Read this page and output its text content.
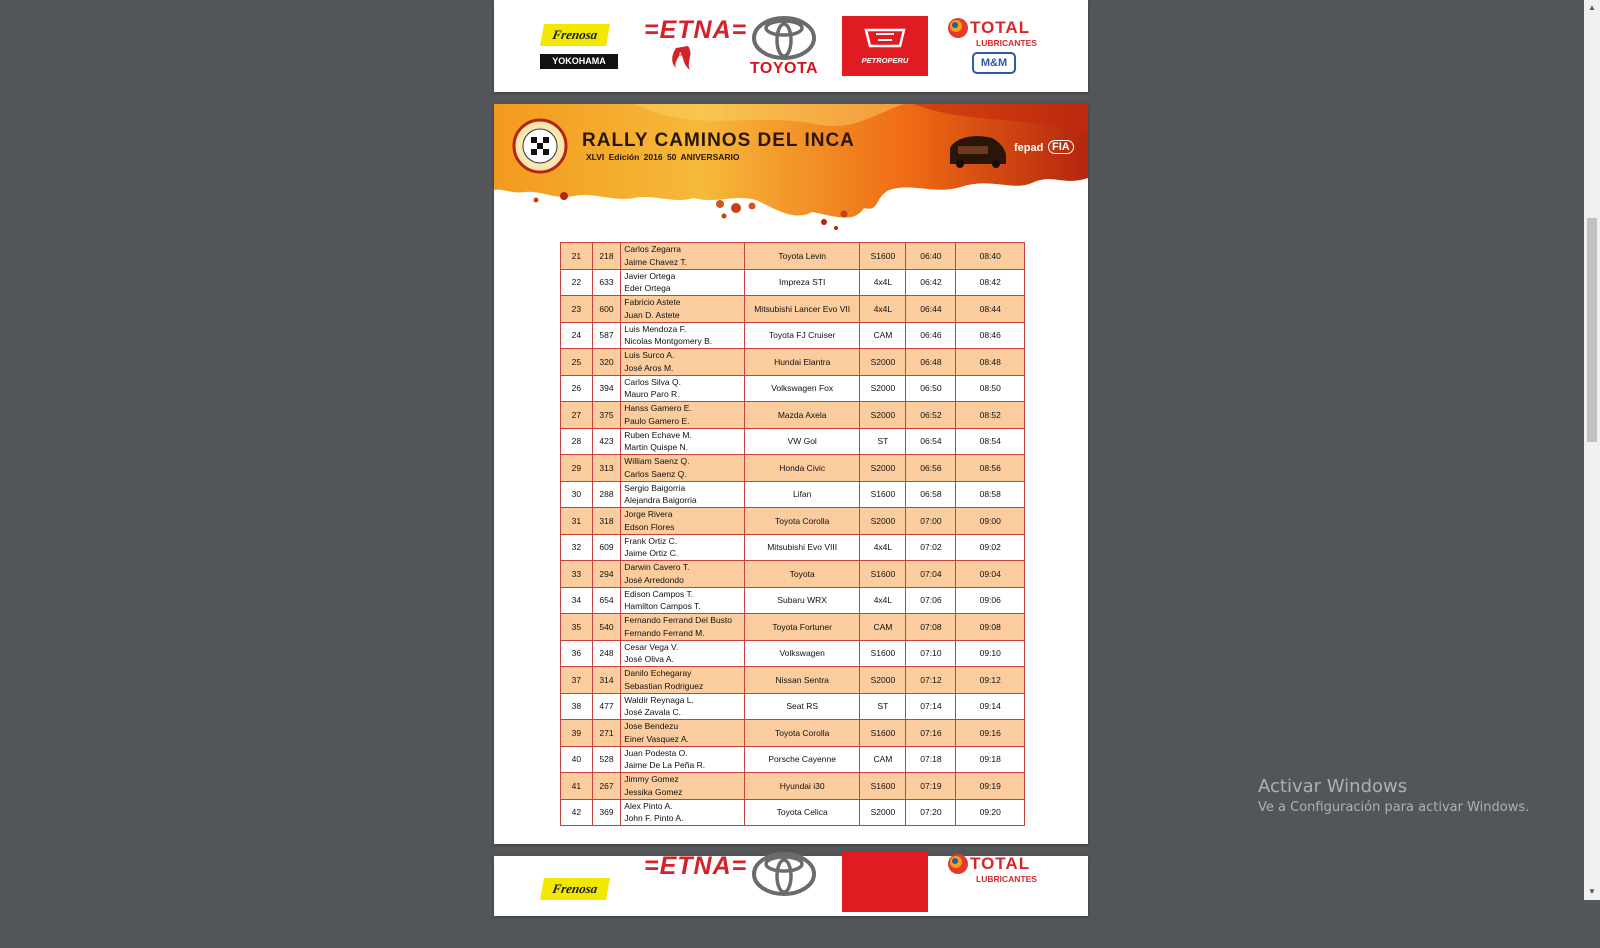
Frenosa
YOKOHAMA
=ETNA=
IPD
TOYOTA	PETROPERU
TOTAL
LUBRICANTES
M&M
RALLY CAMINOS DEL INCA
XLVI Edición 2016 50 ANIVERSARIO
fepad FIA
21	218	Carlos Zegarra
Jaime Chavez T.	Toyota Levin	S1600	06:40	08:40
22	633	Javier Ortega
Eder Ortega	Impreza STI	4x4L	06:42	08:42
23	600	Fabricio Astete
Juan D. Astete	Mitsubishi Lancer Evo VII	4x4L	06:44	08:44
24	587	Luis Mendoza F.
Nicolas Montgomery B.	Toyota FJ Cruiser	CAM	06:46	08:46
25	320	Luis Surco A.
José Aros M.	Hundai Elantra	S2000	06:48	08:48
26	394	Carlos Silva Q.
Mauro Paro R.	Volkswagen Fox	S2000	06:50	08:50
27	375	Hanss Gamero E.
Paulo Gamero E.	Mazda Axela	S2000	06:52	08:52
28	423	Ruben Echave M.
Martin Quispe N.	VW Gol	ST	06:54	08:54
29	313	William Saenz Q.
Carlos Saenz Q.	Honda Civic	S2000	06:56	08:56
30	288	Sergio Baigorria
Alejandra Baigorria	Lifan	S1600	06:58	08:58
31	318	Jorge Rivera
Edson Flores	Toyota Corolla	S2000	07:00	09:00
32	609	Frank Ortiz C.
Jaime Ortiz C.	Mitsubishi Evo VIII	4x4L	07:02	09:02
33	294	Darwin Cavero T.
José Arredondo	Toyota	S1600	07:04	09:04
34	654	Edison Campos T.
Hamilton Campos T.	Subaru WRX	4x4L	07:06	09:06
35	540	Fernando Ferrand Del Busto
Fernando Ferrand M.	Toyota Fortuner	CAM	07:08	09:08
36	248	Cesar Vega V.
José Oliva A.	Volkswagen	S1600	07:10	09:10
37	314	Danilo Echegaray
Sebastian Rodriguez	Nissan Sentra	S2000	07:12	09:12
38	477	Waldir Reynaga L.
José Zavala C.	Seat RS	ST	07:14	09:14
39	271	Jose Bendezu
Einer Vasquez A.	Toyota Corolla	S1600	07:16	09:16
40	528	Juan Podesta O.
Jaime De La Peña R.	Porsche Cayenne	CAM	07:18	09:18
41	267	Jimmy Gomez
Jessika Gomez	Hyundai i30	S1600	07:19	09:19
42	369	Alex Pinto A.
John F. Pinto A.	Toyota Celica	S2000	07:20	09:20
Frenosa
=ETNA=	TOTAL
LUBRICANTES
▲
▼
Activar Windows
Ve a Configuración para activar Windows.
